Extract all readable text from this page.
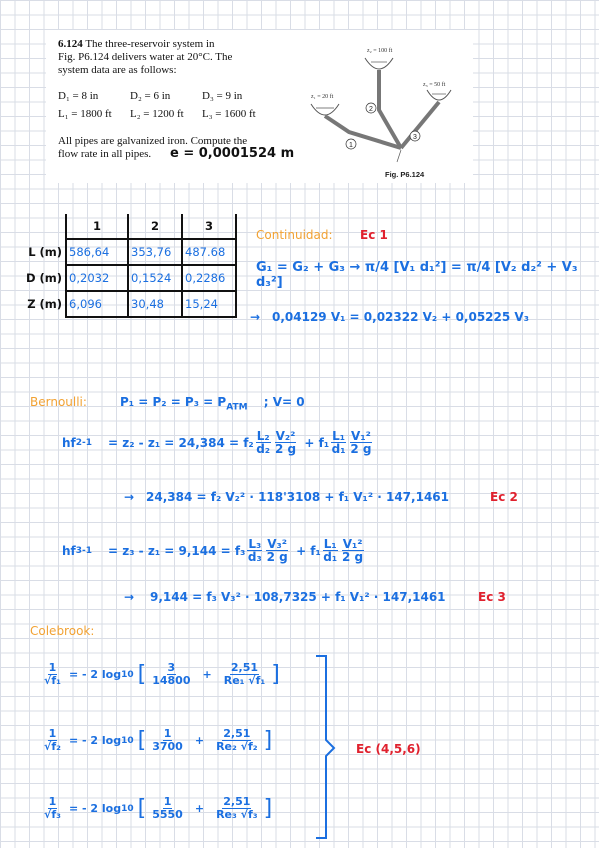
6.124 The three-reservoir system in
Fig. P6.124 delivers water at 20°C. The
system data are as follows:
D₁ = 8 in	D₂ = 6 in	D₃ = 9 in
L₁ = 1800 ft L₂ = 1200 ft L₃ = 1600 ft
All pipes are galvanized iron. Compute the
flow rate in all pipes. e = 0,0001524 m
z₂ = 100 ft
z₃ = 50 ft
z₁ = 20 ft
1
2
3
Fig. P6.124
	1	2	3
L (m)	586,64	353,76	487.68
D (m)	0,2032	0,1524	0,2286
Z (m)	6,096	30,48	15,24
Continuidad: Ec 1
G₁ = G₂ + G₃ → π/4 [V₁ d₁²] = π/4 [V₂ d₂² + V₃ d₃²]
→ 0,04129 V₁ = 0,02322 V₂ + 0,05225 V₃
Bernoulli:	$P_1 = P_2 = P_3 = P_{ATM}$ ; V= 0
hf $2-1 = z_2 - z_1 = 24,384 = f_2 \frac{\text{L₂}}{\text{d₂}} \frac{\text{V₂²}}{2 g} + f_1 \frac{\text{L₁}}{\text{d₁}} \frac{\text{V₁²}}{2 g}$
→ 24,384 = f₂ V₂² · 118'3108 + f₁ V₁² · 147,1461	Ec 2
hf $3-1 = z_3 - z_1 = 9,144 = f_3 \frac{\text{L₃}}{\text{d₃}} \frac{\text{V₃²}}{2 g} + f_1 \frac{\text{L₁}}{\text{d₁}} \frac{\text{V₁²}}{2 g}$
→ 9,144 = f₃ V₃² · 108,7325 + f₁ V₁² · 147,1461	Ec 3
Colebrook:
$\frac{1}{\text{√f₁}}$ = - 2 log 10 [ $\frac{3}{14800} + \frac{2,51}{\text{Re₁ √f₁}}$ ]
$\frac{1}{\text{√f₂}}$ = - 2 log 10 [ $\frac{1}{3700} + \frac{2,51}{\text{Re₂ √f₂}}$ ]
$\frac{1}{\text{√f₃}}$ = - 2 log 10 [ $\frac{1}{5550} + \frac{2,51}{\text{Re₃ √f₃}}$ ]
Ec (4,5,6)
